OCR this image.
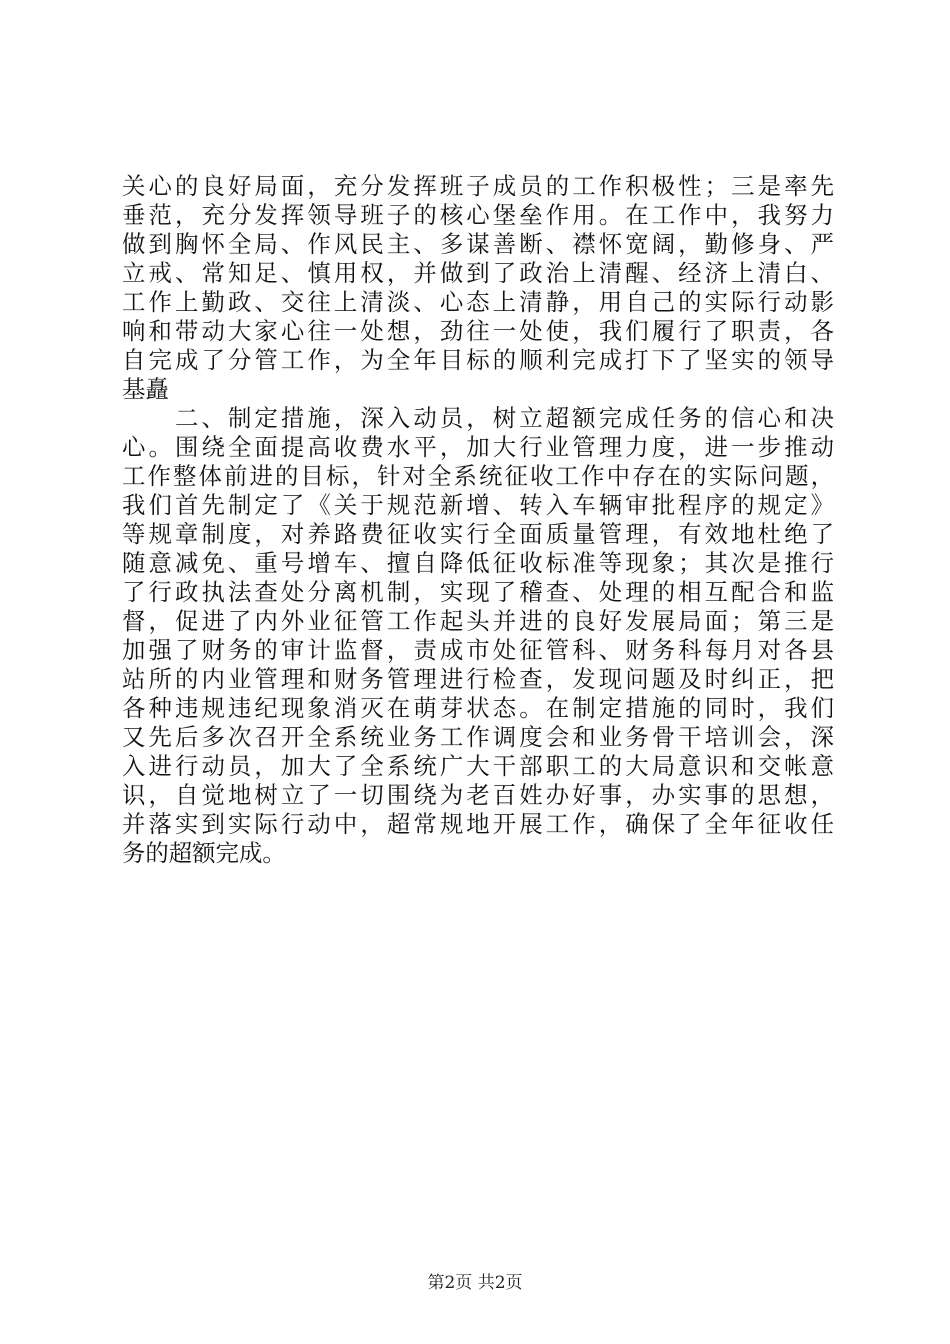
关心的良好局面，充分发挥班子成员的工作积极性；三是率先
垂范，充分发挥领导班子的核心堡垒作用。在工作中，我努力
做到胸怀全局、作风民主、多谋善断、襟怀宽阔，勤修身、严
立戒、常知足、慎用权，并做到了政治上清醒、经济上清白、
工作上勤政、交往上清淡、心态上清静，用自己的实际行动影
响和带动大家心往一处想，劲往一处使，我们履行了职责，各
自完成了分管工作，为全年目标的顺利完成打下了坚实的领导
基矗
　　二、制定措施，深入动员，树立超额完成任务的信心和决
心。围绕全面提高收费水平，加大行业管理力度，进一步推动
工作整体前进的目标，针对全系统征收工作中存在的实际问题，
我们首先制定了《关于规范新增、转入车辆审批程序的规定》
等规章制度，对养路费征收实行全面质量管理，有效地杜绝了
随意减免、重号增车、擅自降低征收标准等现象；其次是推行
了行政执法查处分离机制，实现了稽查、处理的相互配合和监
督，促进了内外业征管工作起头并进的良好发展局面；第三是
加强了财务的审计监督，责成市处征管科、财务科每月对各县
站所的内业管理和财务管理进行检查，发现问题及时纠正，把
各种违规违纪现象消灭在萌芽状态。在制定措施的同时，我们
又先后多次召开全系统业务工作调度会和业务骨干培训会，深
入进行动员，加大了全系统广大干部职工的大局意识和交帐意
识，自觉地树立了一切围绕为老百姓办好事，办实事的思想，
并落实到实际行动中，超常规地开展工作，确保了全年征收任
务的超额完成。
第2页 共2页
